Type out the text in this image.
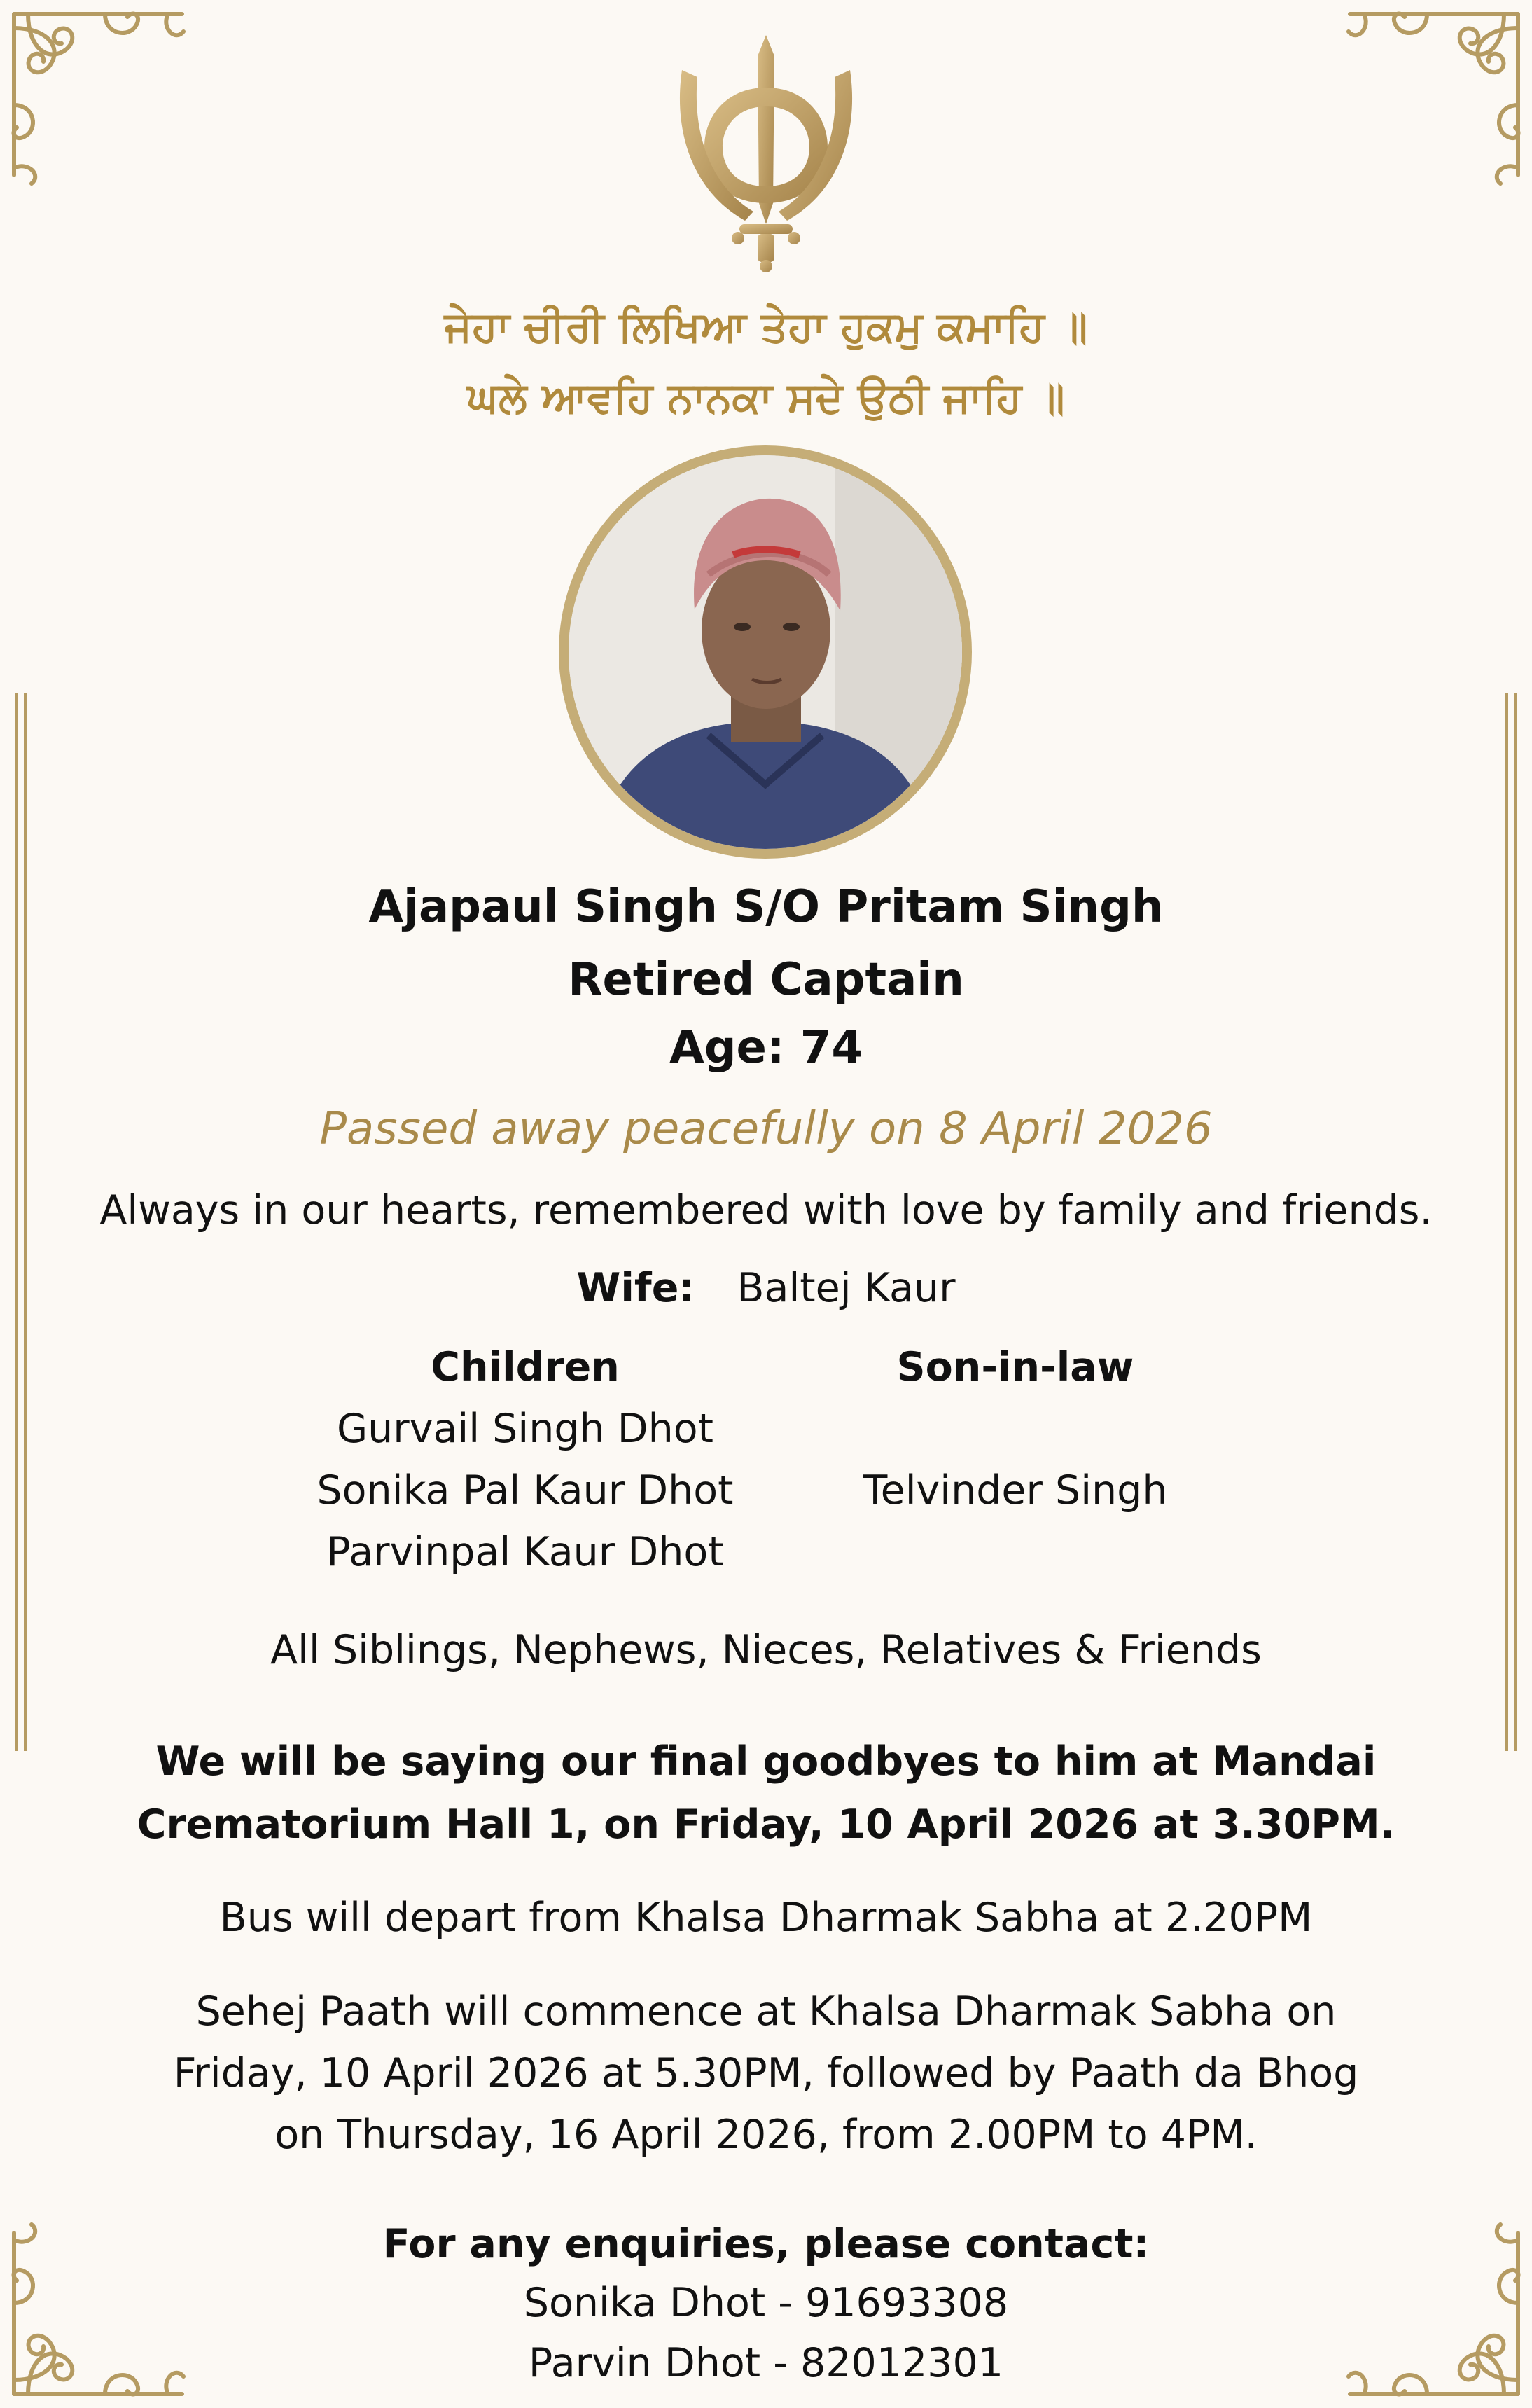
ਜੇਹਾ ਚੀਰੀ ਲਿਖਿਆ ਤੇਹਾ ਹੁਕਮੁ ਕਮਾਹਿ ॥
ਘਲੇ ਆਵਹਿ ਨਾਨਕਾ ਸਦੇ ਉਠੀ ਜਾਹਿ ॥
Ajapaul Singh S/O Pritam Singh
Retired Captain
Age: 74
Passed away peacefully on 8 April 2026
Always in our hearts, remembered with love by family and friends.
Wife: Baltej Kaur
Children
Gurvail Singh Dhot
Sonika Pal Kaur Dhot
Parvinpal Kaur Dhot
Son-in-law
Telvinder Singh
All Siblings, Nephews, Nieces, Relatives & Friends
We will be saying our final goodbyes to him at Mandai
Crematorium Hall 1, on Friday, 10 April 2026 at 3.30PM.
Bus will depart from Khalsa Dharmak Sabha at 2.20PM
Sehej Paath will commence at Khalsa Dharmak Sabha on
Friday, 10 April 2026 at 5.30PM, followed by Paath da Bhog
on Thursday, 16 April 2026, from 2.00PM to 4PM.
For any enquiries, please contact:
Sonika Dhot - 91693308
Parvin Dhot - 82012301
